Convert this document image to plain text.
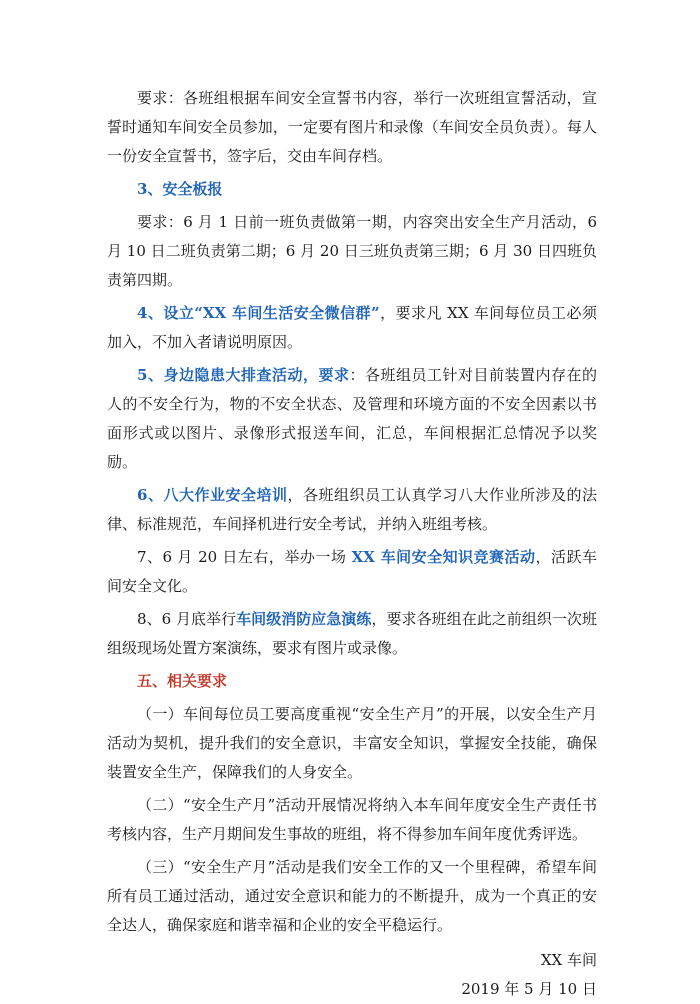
要求：各班组根据车间安全宣誓书内容，举行一次班组宣誓活动，宣誓时通知车间安全员参加，一定要有图片和录像（车间安全员负责）。每人一份安全宣誓书，签字后，交由车间存档。

3、安全板报

要求：6 月 1 日前一班负责做第一期，内容突出安全生产月活动，6 月 10 日二班负责第二期；6 月 20 日三班负责第三期；6 月 30 日四班负责第四期。

4、设立“XX 车间生活安全微信群”，要求凡 XX 车间每位员工必须加入，不加入者请说明原因。

5、身边隐患大排查活动，要求：各班组员工针对目前装置内存在的人的不安全行为，物的不安全状态、及管理和环境方面的不安全因素以书面形式或以图片、录像形式报送车间，汇总，车间根据汇总情况予以奖励。

6、八大作业安全培训，各班组织员工认真学习八大作业所涉及的法律、标准规范，车间择机进行安全考试，并纳入班组考核。

7、6 月 20 日左右，举办一场 XX 车间安全知识竞赛活动，活跃车间安全文化。

8、6 月底举行车间级消防应急演练，要求各班组在此之前组织一次班组级现场处置方案演练，要求有图片或录像。

五、相关要求

（一）车间每位员工要高度重视“安全生产月”的开展，以安全生产月活动为契机，提升我们的安全意识，丰富安全知识，掌握安全技能，确保装置安全生产，保障我们的人身安全。

（二）“安全生产月”活动开展情况将纳入本车间年度安全生产责任书考核内容，生产月期间发生事故的班组，将不得参加车间年度优秀评选。

（三）“安全生产月”活动是我们安全工作的又一个里程碑，希望车间所有员工通过活动，通过安全意识和能力的不断提升，成为一个真正的安全达人，确保家庭和谐幸福和企业的安全平稳运行。

XX 车间

2019 年 5 月 10 日
